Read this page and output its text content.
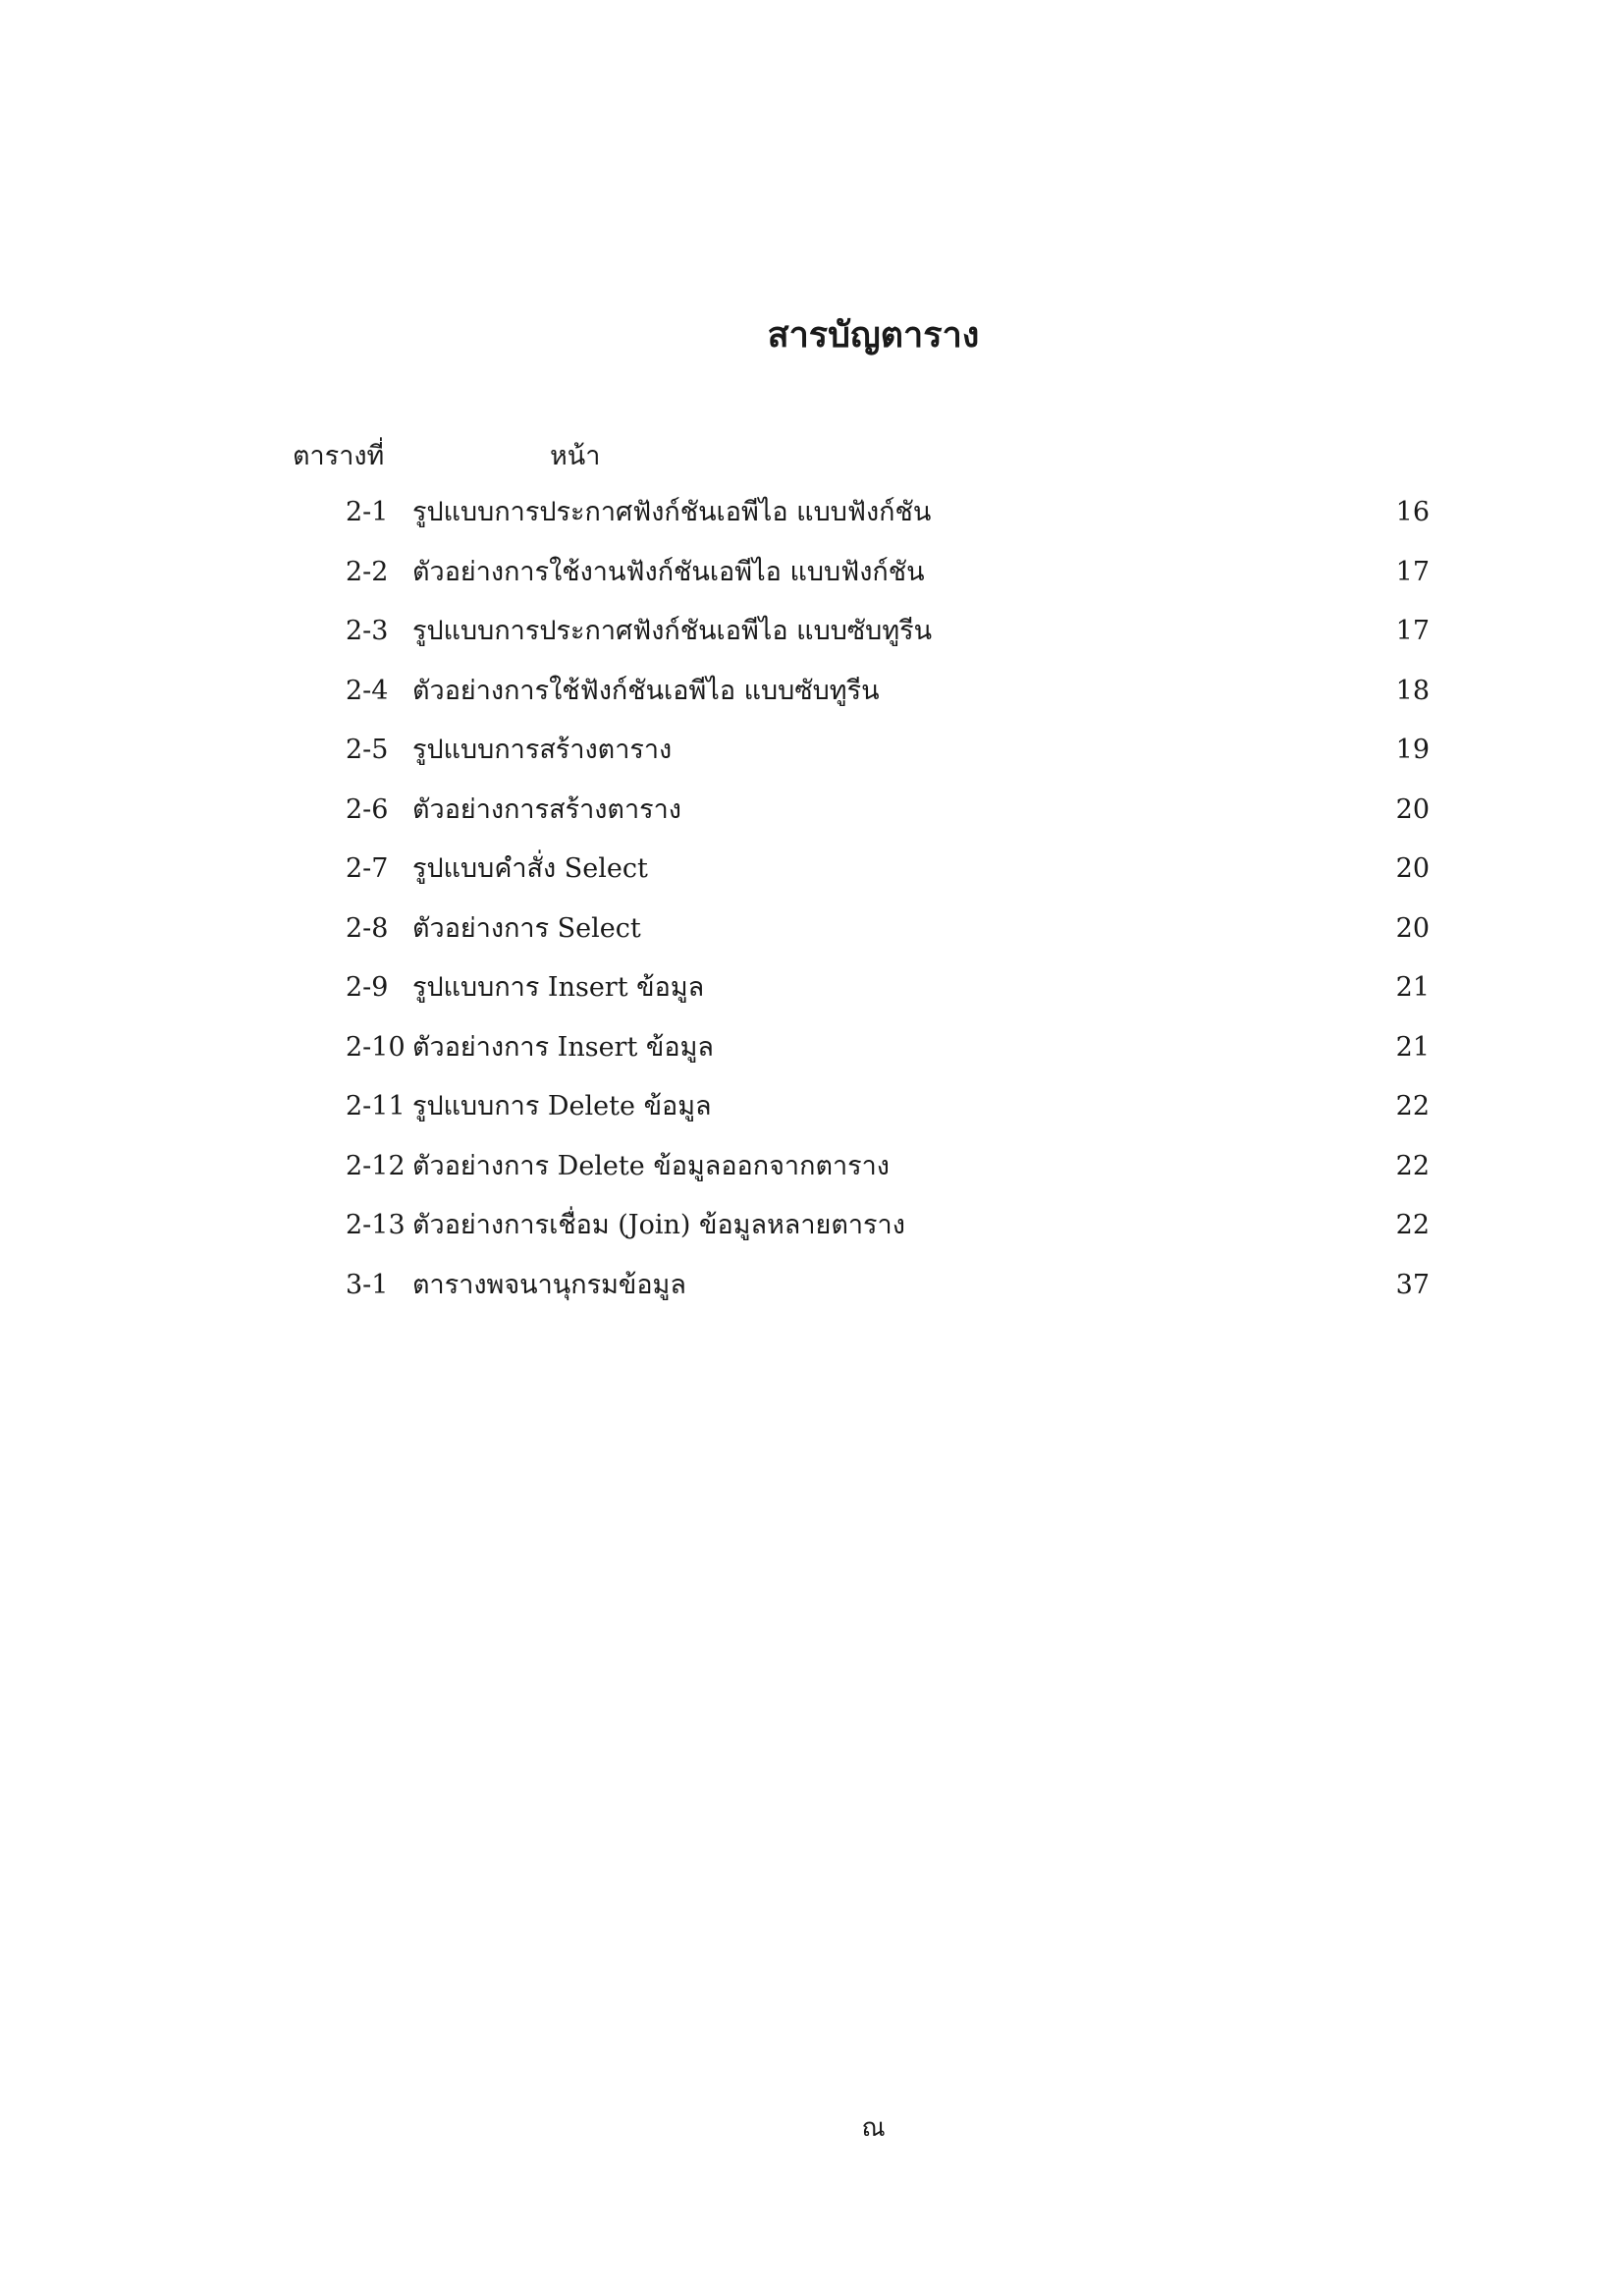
สารบัญตาราง
ตารางที่	หน้า
2-1 รูปแบบการประกาศฟังก์ชันเอพีไอ แบบฟังก์ชัน	16
2-2 ตัวอย่างการใช้งานฟังก์ชันเอพีไอ แบบฟังก์ชัน	17
2-3 รูปแบบการประกาศฟังก์ชันเอพีไอ แบบซับทูรีน	17
2-4 ตัวอย่างการใช้ฟังก์ชันเอพีไอ แบบซับทูรีน	18
2-5 รูปแบบการสร้างตาราง	19
2-6 ตัวอย่างการสร้างตาราง	20
2-7 รูปแบบคำสั่ง Select	20
2-8 ตัวอย่างการ Select	20
2-9 รูปแบบการ Insert ข้อมูล	21
2-10 ตัวอย่างการ Insert ข้อมูล	21
2-11 รูปแบบการ Delete ข้อมูล	22
2-12 ตัวอย่างการ Delete ข้อมูลออกจากตาราง	22
2-13 ตัวอย่างการเชื่อม (Join) ข้อมูลหลายตาราง	22
3-1 ตารางพจนานุกรมข้อมูล	37
ณ
